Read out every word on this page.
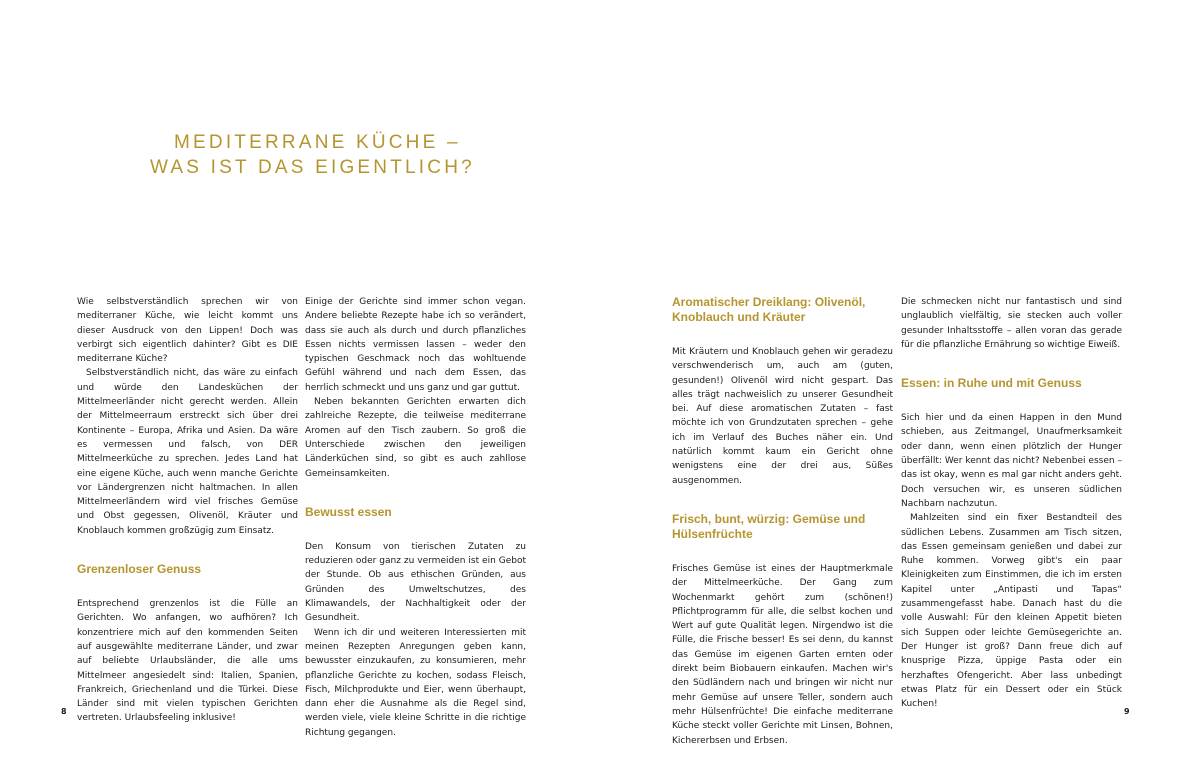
MEDITERRANE KÜCHE –
WAS IST DAS EIGENTLICH?

Wie selbstverständlich sprechen wir von mediterraner Küche, wie leicht kommt uns dieser Ausdruck von den Lippen! Doch was verbirgt sich eigentlich dahinter? Gibt es DIE mediterrane Küche?

Selbstverständlich nicht, das wäre zu einfach und würde den Landesküchen der Mittelmeerländer nicht gerecht werden. Allein der Mittelmeerraum erstreckt sich über drei Kontinente – Europa, Afrika und Asien. Da wäre es vermessen und falsch, von DER Mittelmeerküche zu sprechen. Jedes Land hat eine eigene Küche, auch wenn manche Gerichte vor Ländergrenzen nicht haltmachen. In allen Mittelmeerländern wird viel frisches Gemüse und Obst gegessen, Olivenöl, Kräuter und Knoblauch kommen großzügig zum Einsatz.

Grenzenloser Genuss

Entsprechend grenzenlos ist die Fülle an Gerichten. Wo anfangen, wo aufhören? Ich konzentriere mich auf den kommenden Seiten auf ausgewählte mediterrane Länder, und zwar auf beliebte Urlaubsländer, die alle ums Mittelmeer angesiedelt sind: Italien, Spanien, Frankreich, Griechenland und die Türkei. Diese Länder sind mit vielen typischen Gerichten vertreten. Urlaubsfeeling inklusive!

Einige der Gerichte sind immer schon vegan. Andere beliebte Rezepte habe ich so verändert, dass sie auch als durch und durch pflanzliches Essen nichts vermissen lassen – weder den typischen Geschmack noch das wohltuende Gefühl während und nach dem Essen, das herrlich schmeckt und uns ganz und gar guttut.

Neben bekannten Gerichten erwarten dich zahlreiche Rezepte, die teilweise mediterrane Aromen auf den Tisch zaubern. So groß die Unterschiede zwischen den jeweiligen Länderküchen sind, so gibt es auch zahllose Gemeinsamkeiten.

Bewusst essen

Den Konsum von tierischen Zutaten zu reduzieren oder ganz zu vermeiden ist ein Gebot der Stunde. Ob aus ethischen Gründen, aus Gründen des Umweltschutzes, des Klimawandels, der Nachhaltigkeit oder der Gesundheit.

Wenn ich dir und weiteren Interessierten mit meinen Rezepten Anregungen geben kann, bewusster einzukaufen, zu konsumieren, mehr pflanzliche Gerichte zu kochen, sodass Fleisch, Fisch, Milchprodukte und Eier, wenn überhaupt, dann eher die Ausnahme als die Regel sind, werden viele, viele kleine Schritte in die richtige Richtung gegangen.

Aromatischer Dreiklang: Olivenöl, Knoblauch und Kräuter

Mit Kräutern und Knoblauch gehen wir geradezu verschwenderisch um, auch am (guten, gesunden!) Olivenöl wird nicht gespart. Das alles trägt nachweislich zu unserer Gesundheit bei. Auf diese aromatischen Zutaten – fast möchte ich von Grundzutaten sprechen – gehe ich im Verlauf des Buches näher ein. Und natürlich kommt kaum ein Gericht ohne wenigstens eine der drei aus, Süßes ausgenommen.

Frisch, bunt, würzig: Gemüse und Hülsenfrüchte

Frisches Gemüse ist eines der Hauptmerkmale der Mittelmeerküche. Der Gang zum Wochenmarkt gehört zum (schönen!) Pflichtprogramm für alle, die selbst kochen und Wert auf gute Qualität legen. Nirgendwo ist die Fülle, die Frische besser! Es sei denn, du kannst das Gemüse im eigenen Garten ernten oder direkt beim Biobauern einkaufen. Machen wir's den Südländern nach und bringen wir nicht nur mehr Gemüse auf unsere Teller, sondern auch mehr Hülsenfrüchte! Die einfache mediterrane Küche steckt voller Gerichte mit Linsen, Bohnen, Kichererbsen und Erbsen.

Die schmecken nicht nur fantastisch und sind unglaublich vielfältig, sie stecken auch voller gesunder Inhaltsstoffe – allen voran das gerade für die pflanzliche Ernährung so wichtige Eiweiß.

Essen: in Ruhe und mit Genuss

Sich hier und da einen Happen in den Mund schieben, aus Zeitmangel, Unaufmerksamkeit oder dann, wenn einen plötzlich der Hunger überfällt: Wer kennt das nicht? Nebenbei essen – das ist okay, wenn es mal gar nicht anders geht. Doch versuchen wir, es unseren südlichen Nachbarn nachzutun.

Mahlzeiten sind ein fixer Bestandteil des südlichen Lebens. Zusammen am Tisch sitzen, das Essen gemeinsam genießen und dabei zur Ruhe kommen. Vorweg gibt's ein paar Kleinigkeiten zum Einstimmen, die ich im ersten Kapitel unter „Antipasti und Tapas“ zusammengefasst habe. Danach hast du die volle Auswahl: Für den kleinen Appetit bieten sich Suppen oder leichte Gemüsegerichte an. Der Hunger ist groß? Dann freue dich auf knusprige Pizza, üppige Pasta oder ein herzhaftes Ofengericht. Aber lass unbedingt etwas Platz für ein Dessert oder ein Stück Kuchen!

8	9
